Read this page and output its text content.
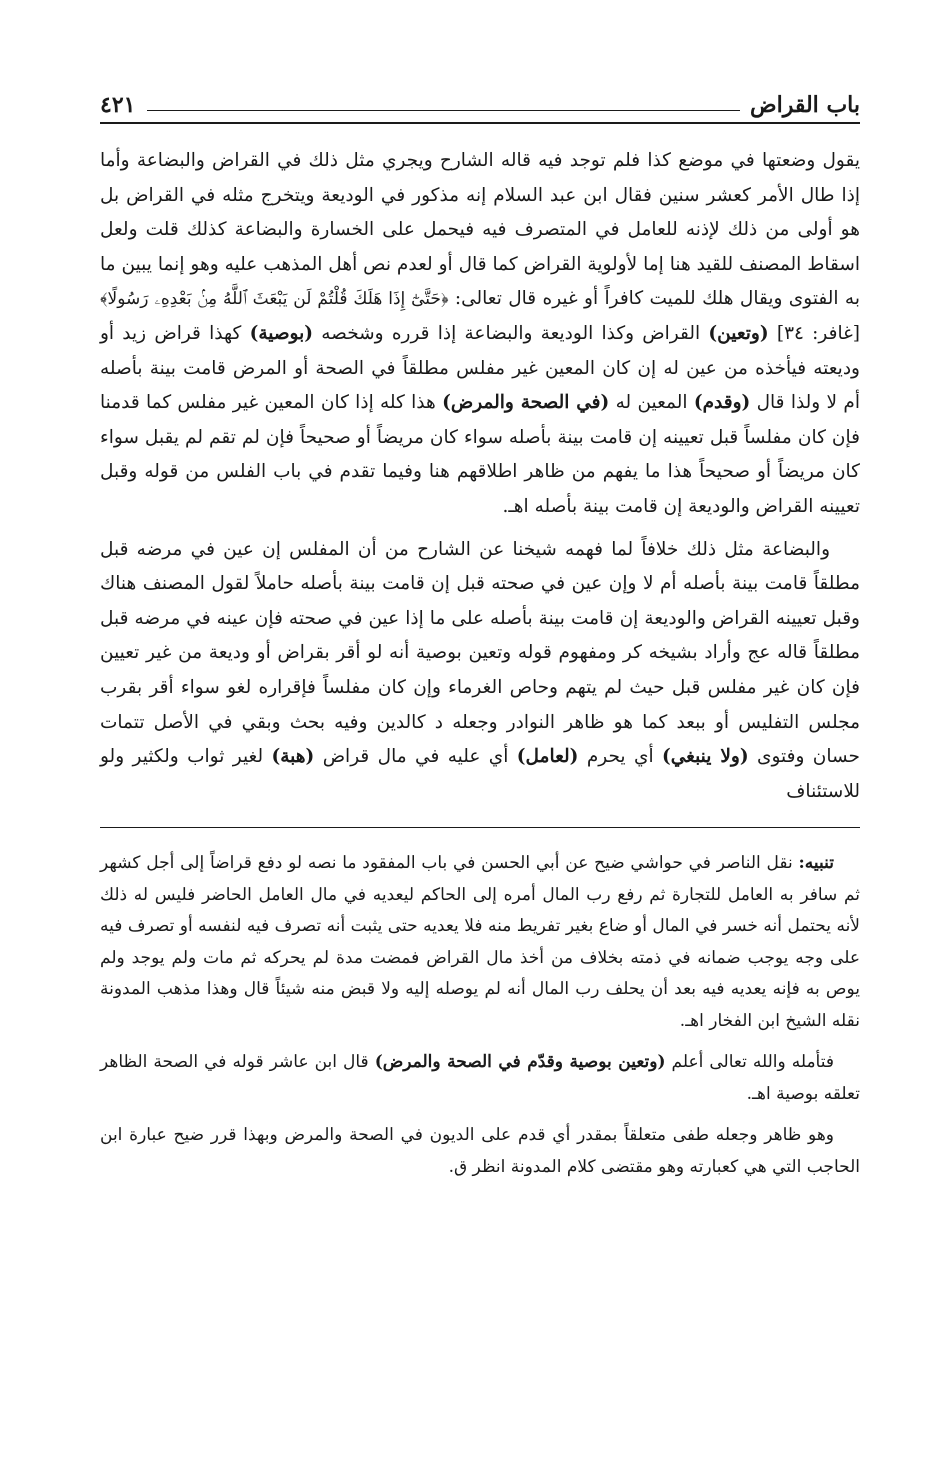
باب القراض
٤٢١

يقول وضعتها في موضع كذا فلم توجد فيه قاله الشارح ويجري مثل ذلك في القراض والبضاعة وأما إذا طال الأمر كعشر سنين فقال ابن عبد السلام إنه مذكور في الوديعة ويتخرج مثله في القراض بل هو أولى من ذلك لإذنه للعامل في المتصرف فيه فيحمل على الخسارة والبضاعة كذلك قلت ولعل اسقاط المصنف للقيد هنا إما لأولوية القراض كما قال أو لعدم نص أهل المذهب عليه وهو إنما يبين ما به الفتوى ويقال هلك للميت كافراً أو غيره قال تعالى: ﴿حَتَّىٰٓ إِذَا هَلَكَ قُلْتُمْ لَن يَبْعَثَ ٱللَّهُ مِنۢ بَعْدِهِۦ رَسُولًا﴾ [غافر: ٣٤] (وتعين) القراض وكذا الوديعة والبضاعة إذا قرره وشخصه (بوصية) كهذا قراض زيد أو وديعته فيأخذه من عين له إن كان المعين غير مفلس مطلقاً في الصحة أو المرض قامت بينة بأصله أم لا ولذا قال (وقدم) المعين له (في الصحة والمرض) هذا كله إذا كان المعين غير مفلس كما قدمنا فإن كان مفلساً قبل تعيينه إن قامت بينة بأصله سواء كان مريضاً أو صحيحاً فإن لم تقم لم يقبل سواء كان مريضاً أو صحيحاً هذا ما يفهم من ظاهر اطلاقهم هنا وفيما تقدم في باب الفلس من قوله وقبل تعيينه القراض والوديعة إن قامت بينة بأصله اهـ.

والبضاعة مثل ذلك خلافاً لما فهمه شيخنا عن الشارح من أن المفلس إن عين في مرضه قبل مطلقاً قامت بينة بأصله أم لا وإن عين في صحته قبل إن قامت بينة بأصله حاملاً لقول المصنف هناك وقبل تعيينه القراض والوديعة إن قامت بينة بأصله على ما إذا عين في صحته فإن عينه في مرضه قبل مطلقاً قاله عج وأراد بشيخه كر ومفهوم قوله وتعين بوصية أنه لو أقر بقراض أو وديعة من غير تعيين فإن كان غير مفلس قبل حيث لم يتهم وحاص الغرماء وإن كان مفلساً فإقراره لغو سواء أقر بقرب مجلس التفليس أو ببعد كما هو ظاهر النوادر وجعله د كالدين وفيه بحث وبقي في الأصل تتمات حسان وفتوى (ولا ينبغي) أي يحرم (لعامل) أي عليه في مال قراض (هبة) لغير ثواب ولكثير ولو للاستئناف

تنبيه: نقل الناصر في حواشي ضيح عن أبي الحسن في باب المفقود ما نصه لو دفع قراضاً إلى أجل كشهر ثم سافر به العامل للتجارة ثم رفع رب المال أمره إلى الحاكم ليعديه في مال العامل الحاضر فليس له ذلك لأنه يحتمل أنه خسر في المال أو ضاع بغير تفريط منه فلا يعديه حتى يثبت أنه تصرف فيه لنفسه أو تصرف فيه على وجه يوجب ضمانه في ذمته بخلاف من أخذ مال القراض فمضت مدة لم يحركه ثم مات ولم يوجد ولم يوص به فإنه يعديه فيه بعد أن يحلف رب المال أنه لم يوصله إليه ولا قبض منه شيئاً قال وهذا مذهب المدونة نقله الشيخ ابن الفخار اهـ.

فتأمله والله تعالى أعلم (وتعين بوصية وقدّم في الصحة والمرض) قال ابن عاشر قوله في الصحة الظاهر تعلقه بوصية اهـ.

وهو ظاهر وجعله طفى متعلقاً بمقدر أي قدم على الديون في الصحة والمرض وبهذا قرر ضيح عبارة ابن الحاجب التي هي كعبارته وهو مقتضى كلام المدونة انظر ق.
